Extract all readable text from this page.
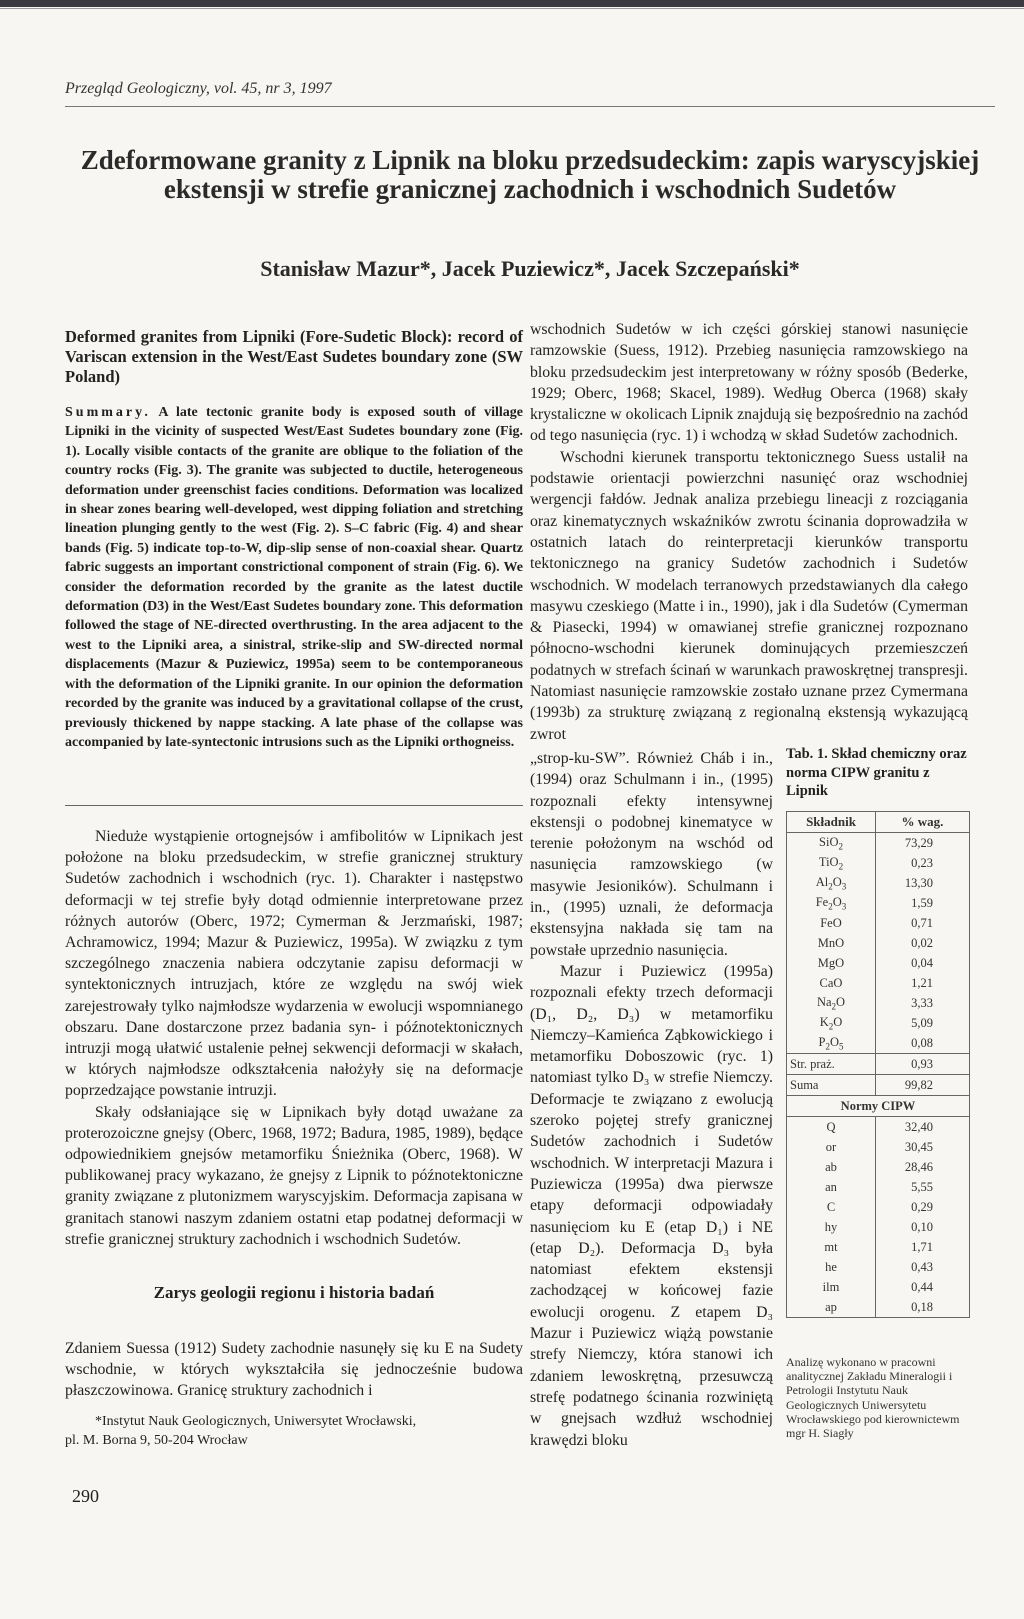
Przegląd Geologiczny, vol. 45, nr 3, 1997
Zdeformowane granity z Lipnik na bloku przedsudeckim: zapis waryscyjskiej ekstensji w strefie granicznej zachodnich i wschodnich Sudetów
Stanisław Mazur*, Jacek Puziewicz*, Jacek Szczepański*
Deformed granites from Lipniki (Fore-Sudetic Block): record of Variscan extension in the West/East Sudetes boundary zone (SW Poland)
Summary. A late tectonic granite body is exposed south of village Lipniki in the vicinity of suspected West/East Sudetes boundary zone (Fig. 1). Locally visible contacts of the granite are oblique to the foliation of the country rocks (Fig. 3). The granite was subjected to ductile, heterogeneous deformation under greenschist facies conditions. Deformation was localized in shear zones bearing well-developed, west dipping foliation and stretching lineation plunging gently to the west (Fig. 2). S–C fabric (Fig. 4) and shear bands (Fig. 5) indicate top-to-W, dip-slip sense of non-coaxial shear. Quartz fabric suggests an important constrictional component of strain (Fig. 6). We consider the deformation recorded by the granite as the latest ductile deformation (D3) in the West/East Sudetes boundary zone. This deformation followed the stage of NE-directed overthrusting. In the area adjacent to the west to the Lipniki area, a sinistral, strike-slip and SW-directed normal displacements (Mazur & Puziewicz, 1995a) seem to be contemporaneous with the deformation of the Lipniki granite. In our opinion the deformation recorded by the granite was induced by a gravitational collapse of the crust, previously thickened by nappe stacking. A late phase of the collapse was accompanied by late-syntectonic intrusions such as the Lipniki orthogneiss.

Nieduże wystąpienie ortognejsów i amfibolitów w Lipnikach jest położone na bloku przedsudeckim, w strefie granicznej struktury Sudetów zachodnich i wschodnich (ryc. 1). Charakter i następstwo deformacji w tej strefie były dotąd odmiennie interpretowane przez różnych autorów (Oberc, 1972; Cymerman & Jerzmański, 1987; Achramowicz, 1994; Mazur & Puziewicz, 1995a). W związku z tym szczególnego znaczenia nabiera odczytanie zapisu deformacji w syntektonicznych intruzjach, które ze względu na swój wiek zarejestrowały tylko najmłodsze wydarzenia w ewolucji wspomnianego obszaru. Dane dostarczone przez badania syn- i późnotektonicznych intruzji mogą ułatwić ustalenie pełnej sekwencji deformacji w skałach, w których najmłodsze odkształcenia nałożyły się na deformacje poprzedzające powstanie intruzji.

Skały odsłaniające się w Lipnikach były dotąd uważane za proterozoiczne gnejsy (Oberc, 1968, 1972; Badura, 1985, 1989), będące odpowiednikiem gnejsów metamorfiku Śnieżnika (Oberc, 1968). W publikowanej pracy wykazano, że gnejsy z Lipnik to późnotektoniczne granity związane z plutonizmem waryscyjskim. Deformacja zapisana w granitach stanowi naszym zdaniem ostatni etap podatnej deformacji w strefie granicznej struktury zachodnich i wschodnich Sudetów.

Zarys geologii regionu i historia badań

Zdaniem Suessa (1912) Sudety zachodnie nasunęły się ku E na Sudety wschodnie, w których wykształciła się jednocześnie budowa płaszczowinowa. Granicę struktury zachodnich i

*Instytut Nauk Geologicznych, Uniwersytet Wrocławski,

pl. M. Borna 9, 50-204 Wrocław
290

wschodnich Sudetów w ich części górskiej stanowi nasunięcie ramzowskie (Suess, 1912). Przebieg nasunięcia ramzowskiego na bloku przedsudeckim jest interpretowany w różny sposób (Bederke, 1929; Oberc, 1968; Skacel, 1989). Według Oberca (1968) skały krystaliczne w okolicach Lipnik znajdują się bezpośrednio na zachód od tego nasunięcia (ryc. 1) i wchodzą w skład Sudetów zachodnich.

Wschodni kierunek transportu tektonicznego Suess ustalił na podstawie orientacji powierzchni nasunięć oraz wschodniej wergencji fałdów. Jednak analiza przebiegu lineacji z rozciągania oraz kinematycznych wskaźników zwrotu ścinania doprowadziła w ostatnich latach do reinterpretacji kierunków transportu tektonicznego na granicy Sudetów zachodnich i Sudetów wschodnich. W modelach terranowych przedstawianych dla całego masywu czeskiego (Matte i in., 1990), jak i dla Sudetów (Cymerman & Piasecki, 1994) w omawianej strefie granicznej rozpoznano północno-wschodni kierunek dominujących przemieszczeń podatnych w strefach ścinań w warunkach prawoskrętnej transpresji. Natomiast nasunięcie ramzowskie zostało uznane przez Cymermana (1993b) za strukturę związaną z regionalną ekstensją wykazującą zwrot

„strop-ku-SW”. Również Cháb i in., (1994) oraz Schulmann i in., (1995) rozpoznali efekty intensywnej ekstensji o podobnej kinematyce w terenie położonym na wschód od nasunięcia ramzowskiego (w masywie Jesioników). Schulmann i in., (1995) uznali, że deformacja ekstensyjna nakłada się tam na powstałe uprzednio nasunięcia.

Mazur i Puziewicz (1995a) rozpoznali efekty trzech deformacji (D₁, D₂, D₃) w metamorfiku Niemczy–Kamieńca Ząbkowickiego i metamorfiku Doboszowic (ryc. 1) natomiast tylko D₃ w strefie Niemczy. Deformacje te związano z ewolucją szeroko pojętej strefy granicznej Sudetów zachodnich i Sudetów wschodnich. W interpretacji Mazura i Puziewicza (1995a) dwa pierwsze etapy deformacji odpowiadały nasunięciom ku E (etap D₁) i NE (etap D₂). Deformacja D₃ była natomiast efektem ekstensji zachodzącej w końcowej fazie ewolucji orogenu. Z etapem D₃ Mazur i Puziewicz wiążą powstanie strefy Niemczy, która stanowi ich zdaniem lewoskrętną, przesuwczą strefę podatnego ścinania rozwiniętą w gnejsach wzdłuż wschodniej krawędzi bloku

Tab. 1. Skład chemiczny oraz norma CIPW granitu z Lipnik
Składnik	% wag.
SiO$_2$	73,29
TiO$_2$	0,23
$Al_2O_3$	13,30
$Fe_2O_3$	1,59
FeO	0,71
MnO	0,02
MgO	0,04
CaO	1,21
$Na_2O$	3,33
$K_2O$	5,09
$P_2O_5$	0,08
Str. praż.	0,93
Suma	99,82
Normy CIPW	
Q	32,40
or	30,45
ab	28,46
an	5,55
C	0,29
hy	0,10
mt	1,71
he	0,43
ilm	0,44
ap	0,18
Analizę wykonano w pracowni analitycznej Zakładu Mineralogii i Petrologii Instytutu Nauk Geologicznych Uniwersytetu Wrocławskiego pod kierownictewm mgr H. Siagły
